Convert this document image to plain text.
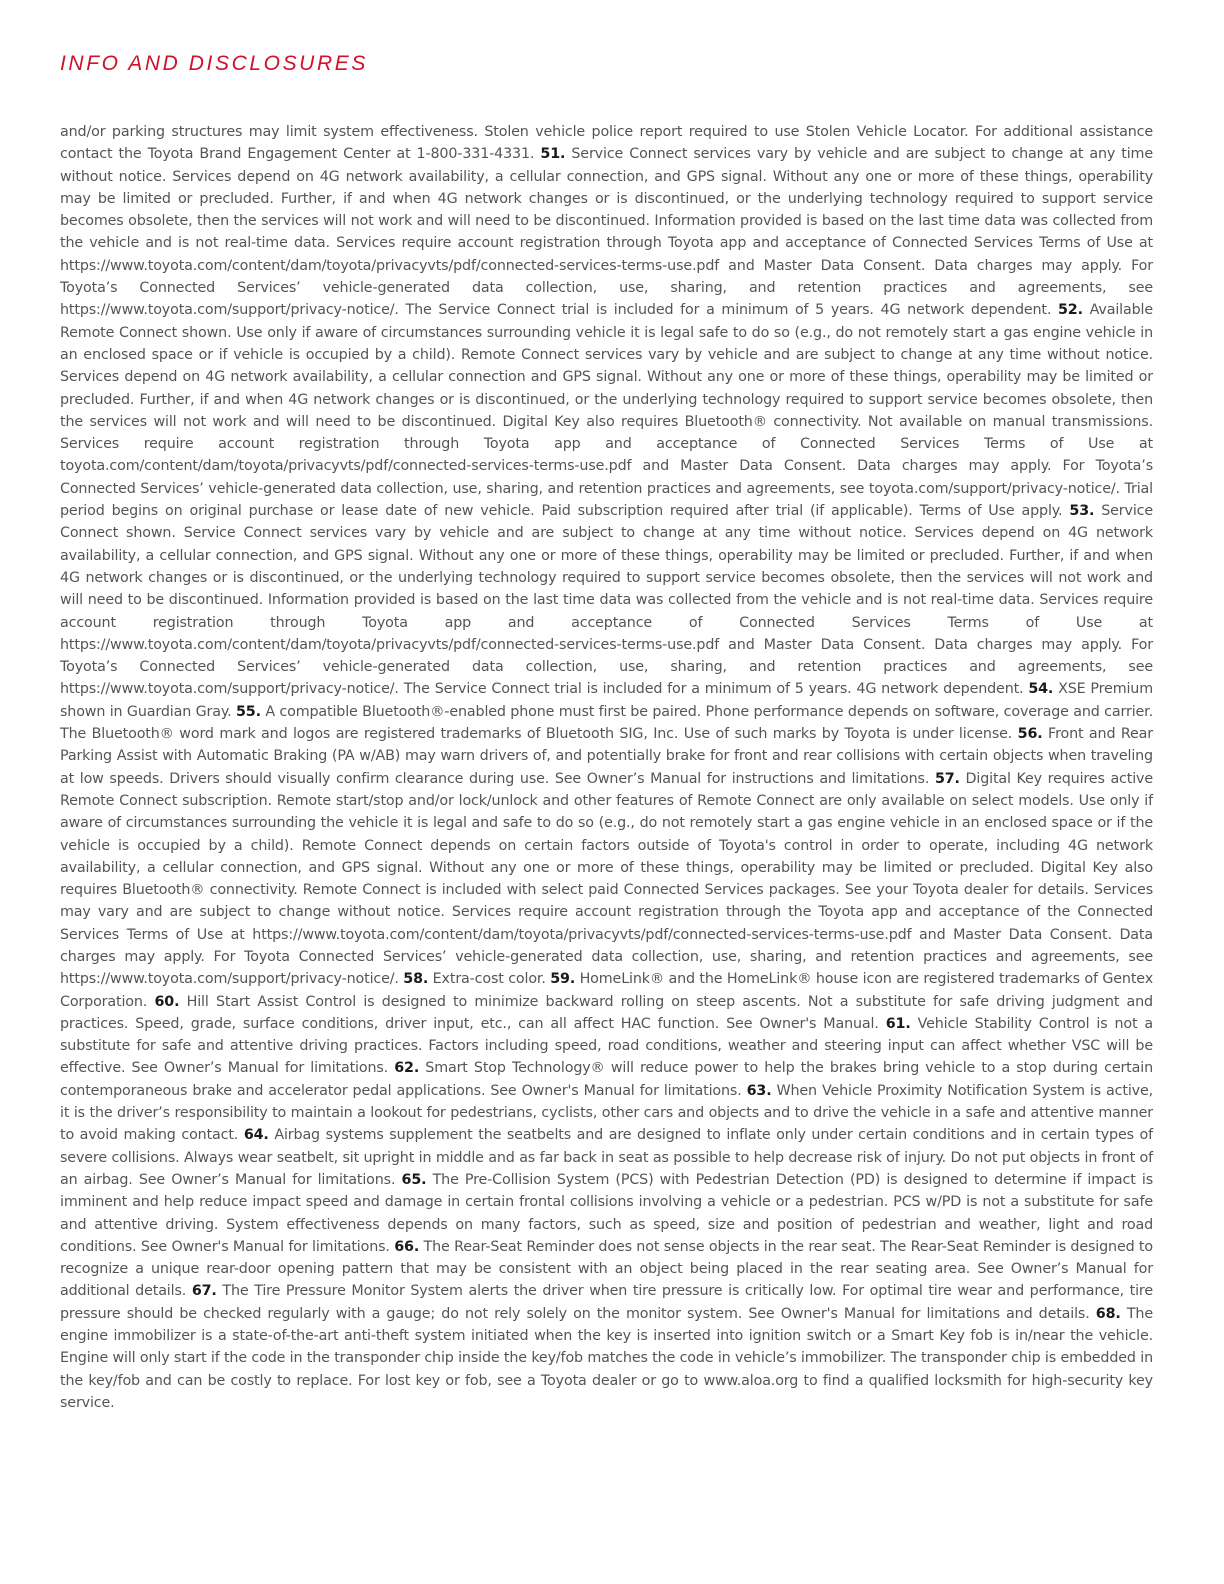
INFO AND DISCLOSURES

and/or parking structures may limit system effectiveness. Stolen vehicle police report required to use Stolen Vehicle Locator. For additional assistance contact the Toyota Brand Engagement Center at 1-800-331-4331. 51. Service Connect services vary by vehicle and are subject to change at any time without notice. Services depend on 4G network availability, a cellular connection, and GPS signal. Without any one or more of these things, operability may be limited or precluded. Further, if and when 4G network changes or is discontinued, or the underlying technology required to support service becomes obsolete, then the services will not work and will need to be discontinued. Information provided is based on the last time data was collected from the vehicle and is not real-time data. Services require account registration through Toyota app and acceptance of Connected Services Terms of Use at https://www.toyota.com/content/dam/toyota/privacyvts/pdf/connected-services-terms-use.pdf and Master Data Consent. Data charges may apply. For Toyota’s Connected Services’ vehicle-generated data collection, use, sharing, and retention practices and agreements, see https://www.toyota.com/support/privacy-notice/. The Service Connect trial is included for a minimum of 5 years. 4G network dependent. 52. Available Remote Connect shown. Use only if aware of circumstances surrounding vehicle it is legal safe to do so (e.g., do not remotely start a gas engine vehicle in an enclosed space or if vehicle is occupied by a child). Remote Connect services vary by vehicle and are subject to change at any time without notice. Services depend on 4G network availability, a cellular connection and GPS signal. Without any one or more of these things, operability may be limited or precluded. Further, if and when 4G network changes or is discontinued, or the underlying technology required to support service becomes obsolete, then the services will not work and will need to be discontinued. Digital Key also requires Bluetooth® connectivity. Not available on manual transmissions. Services require account registration through Toyota app and acceptance of Connected Services Terms of Use at toyota.com/content/dam/toyota/privacyvts/pdf/connected-services-terms-use.pdf and Master Data Consent. Data charges may apply. For Toyota’s Connected Services’ vehicle-generated data collection, use, sharing, and retention practices and agreements, see toyota.com/support/privacy-notice/. Trial period begins on original purchase or lease date of new vehicle. Paid subscription required after trial (if applicable). Terms of Use apply. 53. Service Connect shown. Service Connect services vary by vehicle and are subject to change at any time without notice. Services depend on 4G network availability, a cellular connection, and GPS signal. Without any one or more of these things, operability may be limited or precluded. Further, if and when 4G network changes or is discontinued, or the underlying technology required to support service becomes obsolete, then the services will not work and will need to be discontinued. Information provided is based on the last time data was collected from the vehicle and is not real-time data. Services require account registration through Toyota app and acceptance of Connected Services Terms of Use at https://www.toyota.com/content/dam/toyota/privacyvts/pdf/connected-services-terms-use.pdf and Master Data Consent. Data charges may apply. For Toyota’s Connected Services’ vehicle-generated data collection, use, sharing, and retention practices and agreements, see https://www.toyota.com/support/privacy-notice/. The Service Connect trial is included for a minimum of 5 years. 4G network dependent. 54. XSE Premium shown in Guardian Gray. 55. A compatible Bluetooth®-enabled phone must first be paired. Phone performance depends on software, coverage and carrier. The Bluetooth® word mark and logos are registered trademarks of Bluetooth SIG, Inc. Use of such marks by Toyota is under license. 56. Front and Rear Parking Assist with Automatic Braking (PA w/AB) may warn drivers of, and potentially brake for front and rear collisions with certain objects when traveling at low speeds. Drivers should visually confirm clearance during use. See Owner’s Manual for instructions and limitations. 57. Digital Key requires active Remote Connect subscription. Remote start/stop and/or lock/unlock and other features of Remote Connect are only available on select models. Use only if aware of circumstances surrounding the vehicle it is legal and safe to do so (e.g., do not remotely start a gas engine vehicle in an enclosed space or if the vehicle is occupied by a child). Remote Connect depends on certain factors outside of Toyota's control in order to operate, including 4G network availability, a cellular connection, and GPS signal. Without any one or more of these things, operability may be limited or precluded. Digital Key also requires Bluetooth® connectivity. Remote Connect is included with select paid Connected Services packages. See your Toyota dealer for details. Services may vary and are subject to change without notice. Services require account registration through the Toyota app and acceptance of the Connected Services Terms of Use at https://www.toyota.com/content/dam/toyota/privacyvts/pdf/connected-services-terms-use.pdf and Master Data Consent. Data charges may apply. For Toyota Connected Services’ vehicle-generated data collection, use, sharing, and retention practices and agreements, see https://www.toyota.com/support/privacy-notice/. 58. Extra-cost color. 59. HomeLink® and the HomeLink® house icon are registered trademarks of Gentex Corporation. 60. Hill Start Assist Control is designed to minimize backward rolling on steep ascents. Not a substitute for safe driving judgment and practices. Speed, grade, surface conditions, driver input, etc., can all affect HAC function. See Owner's Manual. 61. Vehicle Stability Control is not a substitute for safe and attentive driving practices. Factors including speed, road conditions, weather and steering input can affect whether VSC will be effective. See Owner’s Manual for limitations. 62. Smart Stop Technology® will reduce power to help the brakes bring vehicle to a stop during certain contemporaneous brake and accelerator pedal applications. See Owner's Manual for limitations. 63. When Vehicle Proximity Notification System is active, it is the driver’s responsibility to maintain a lookout for pedestrians, cyclists, other cars and objects and to drive the vehicle in a safe and attentive manner to avoid making contact. 64. Airbag systems supplement the seatbelts and are designed to inflate only under certain conditions and in certain types of severe collisions. Always wear seatbelt, sit upright in middle and as far back in seat as possible to help decrease risk of injury. Do not put objects in front of an airbag. See Owner’s Manual for limitations. 65. The Pre-Collision System (PCS) with Pedestrian Detection (PD) is designed to determine if impact is imminent and help reduce impact speed and damage in certain frontal collisions involving a vehicle or a pedestrian. PCS w/PD is not a substitute for safe and attentive driving. System effectiveness depends on many factors, such as speed, size and position of pedestrian and weather, light and road conditions. See Owner's Manual for limitations. 66. The Rear-Seat Reminder does not sense objects in the rear seat. The Rear-Seat Reminder is designed to recognize a unique rear-door opening pattern that may be consistent with an object being placed in the rear seating area. See Owner’s Manual for additional details. 67. The Tire Pressure Monitor System alerts the driver when tire pressure is critically low. For optimal tire wear and performance, tire pressure should be checked regularly with a gauge; do not rely solely on the monitor system. See Owner's Manual for limitations and details. 68. The engine immobilizer is a state-of-the-art anti-theft system initiated when the key is inserted into ignition switch or a Smart Key fob is in/near the vehicle. Engine will only start if the code in the transponder chip inside the key/fob matches the code in vehicle’s immobilizer. The transponder chip is embedded in the key/fob and can be costly to replace. For lost key or fob, see a Toyota dealer or go to www.aloa.org to find a qualified locksmith for high-security key service.
